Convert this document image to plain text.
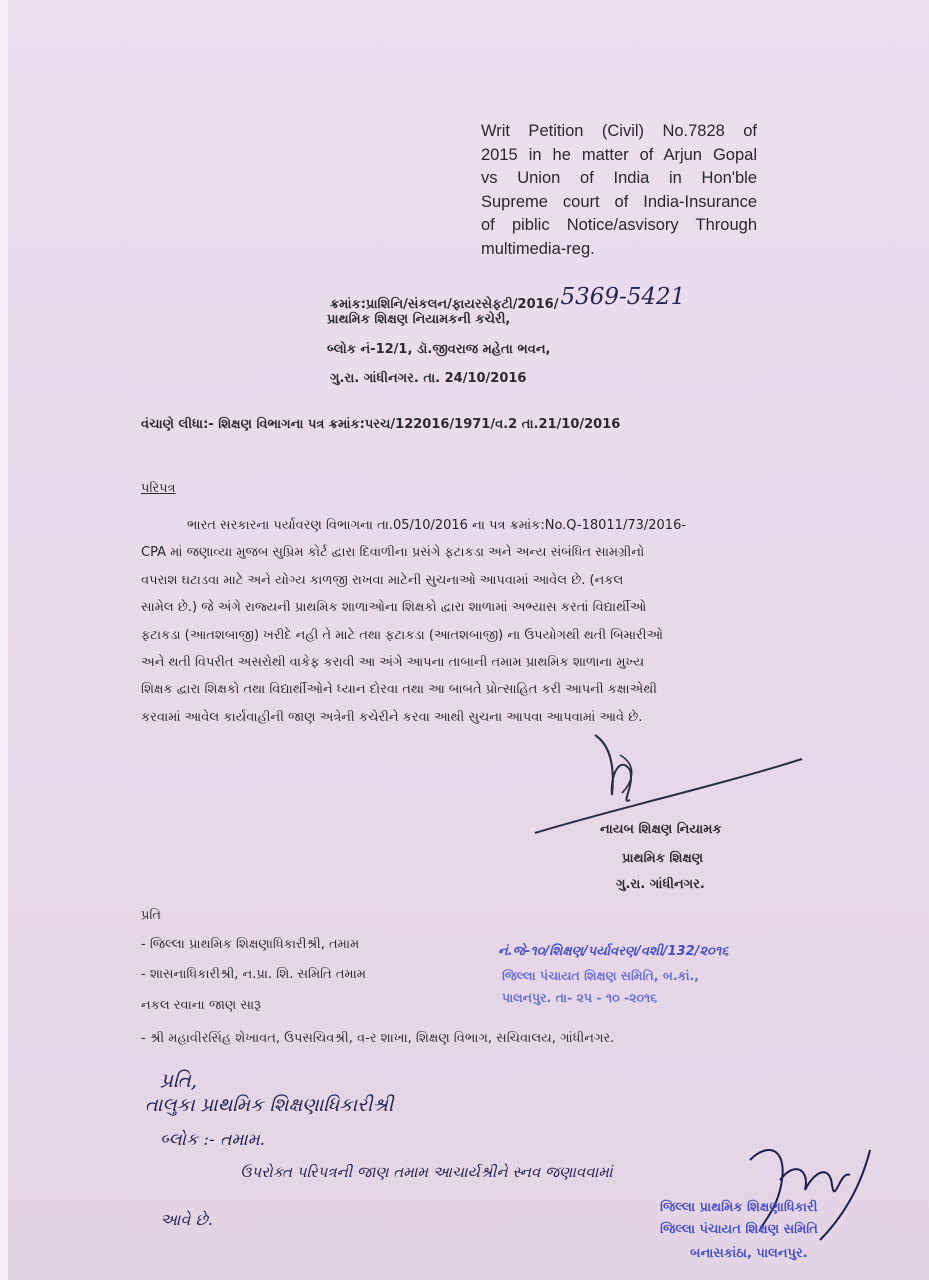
Writ Petition (Civil) No.7828 of
2015 in he matter of Arjun Gopal
vs Union of India in Hon'ble
Supreme court of India-Insurance
of piblic Notice/asvisory Through
multimedia-reg.
ક્રમાંક:પ્રાશિનિ/સંકલન/ફાયરસેફટી/2016/5369-5421
પ્રાથમિક શિક્ષણ નિયામકની કચેરી,
બ્લોક નં-12/1, ડૉ.જીવરાજ મહેતા ભવન,
ગુ.રા. ગાંધીનગર. તા. 24/10/2016
વંચાણે લીધા:- શિક્ષણ વિભાગના પત્ર ક્રમાંક:પરચ/122016/1971/વ.2 તા.21/10/2016
પરિપત્ર
ભારત સરકારના પર્યાવરણ વિભાગના તા.05/10/2016 ના પત્ર ક્રમાંક:No.Q-18011/73/2016-
CPA માં જણાવ્યા મુજબ સુપ્રિમ કોર્ટ દ્વારા દિવાળીના પ્રસંગે ફટાકડા અને અન્ય સંબંધિત સામગ્રીનો
વપરાશ ઘટાડવા માટે અને યોગ્ય કાળજી રાખવા માટેની સુચનાઓ આપવામાં આવેલ છે. (નકલ
સામેલ છે.) જે અંગે રાજ્યની પ્રાથમિક શાળાઓના શિક્ષકો દ્વારા શાળામાં અભ્યાસ કરતાં વિદ્યાર્થીઓ
ફટાકડા (આતશબાજી) ખરીદે નહી તે માટે તથા ફટાકડા (આતશબાજી) ના ઉપયોગથી થતી બિમારીઓ
અને થતી વિપરીત અસરોથી વાકેફ કરાવી આ અંગે આપના તાબાની તમામ પ્રાથમિક શાળાના મુખ્ય
શિક્ષક દ્વારા શિક્ષકો તથા વિદ્યાર્થીઓને ધ્યાન દોરવા તથા આ બાબતે પ્રોત્સાહિત કરી આપની કક્ષાએથી
કરવામાં આવેલ કાર્યવાહીની જાણ અત્રેની કચેરીને કરવા આથી સુચના આપવા આપવામાં આવે છે.
નાયબ શિક્ષણ નિયામક
પ્રાથમિક શિક્ષણ
ગુ.રા. ગાંધીનગર.
પ્રતિ
- જિલ્લા પ્રાથમિક શિક્ષણાધિકારીશ્રી, તમામ
- શાસનાધિકારીશ્રી, ન.પ્રા. શિ. સમિતિ તમામ
નકલ રવાના જાણ સારૂ
- શ્રી મહાવીરસિંહ શેખાવત, ઉપસચિવશ્રી, વ-ર શાખા, શિક્ષણ વિભાગ, સચિવાલય, ગાંધીનગર.
નં.જે-૧૦/શિક્ષણ/પર્યાવરણ/વશી/132/૨૦૧૬
જિલ્લા પંચાયત શિક્ષણ સમિતિ, બ.કાં.,
પાલનપુર. તા- ૨૫ - ૧૦ -૨૦૧૬
પ્રતિ,
તાલુકા પ્રાથમિક શિક્ષણાધિકારીશ્રી
બ્લોક :- તમામ.
ઉપરોક્ત પરિપત્રની જાણ તમામ આચાર્યશ્રીને સ્નવ જણાવવામાં
આવે છે.
જિલ્લા પ્રાથમિક શિક્ષણાધિકારી
જિલ્લા પંચાયત શિક્ષણ સમિતિ
બનાસકાંઠા, પાલનપુર.
